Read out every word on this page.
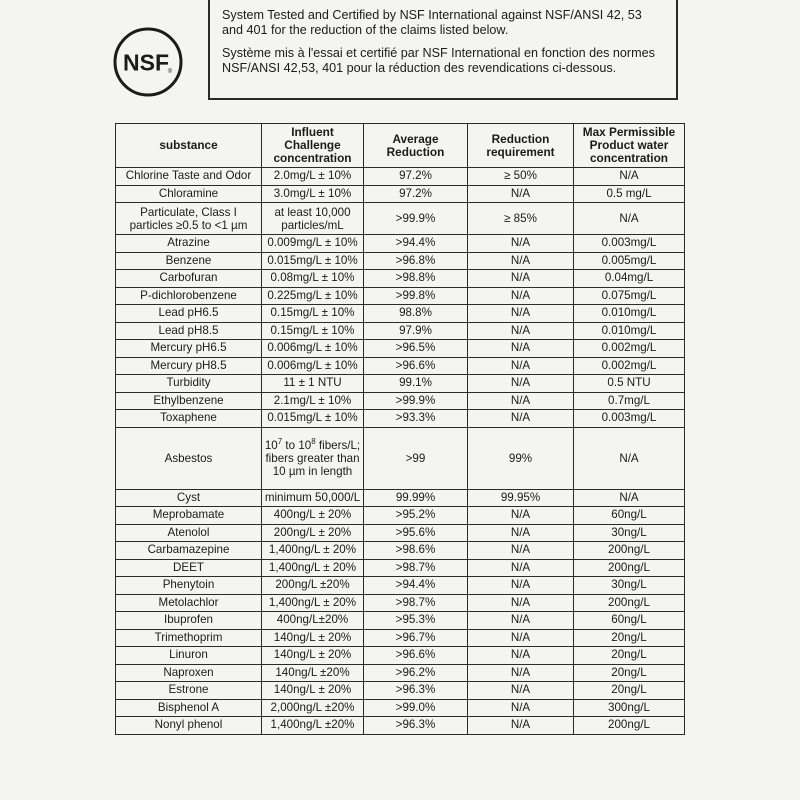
NSF
®

System Tested and Certified by NSF International against NSF/ANSI 42, 53 and 401 for the reduction of the claims listed below.

Système mis à l'essai et certifié par NSF International en fonction des normes NSF/ANSI 42,53, 401 pour la réduction des revendications ci-dessous.

substance	Influent Challenge concentration	Average Reduction	Reduction requirement	Max Permissible Product water concentration
Chlorine Taste and Odor	2.0mg/L ± 10%	97.2%	≥ 50%	N/A
Chloramine	3.0mg/L ± 10%	97.2%	N/A	0.5 mg/L
Particulate, Class I particles ≥0.5 to <1 µm	at least 10,000 particles/mL	>99.9%	≥ 85%	N/A
Atrazine	0.009mg/L ± 10%	>94.4%	N/A	0.003mg/L
Benzene	0.015mg/L ± 10%	>96.8%	N/A	0.005mg/L
Carbofuran	0.08mg/L ± 10%	>98.8%	N/A	0.04mg/L
P-dichlorobenzene	0.225mg/L ± 10%	>99.8%	N/A	0.075mg/L
Lead pH6.5	0.15mg/L ± 10%	98.8%	N/A	0.010mg/L
Lead pH8.5	0.15mg/L ± 10%	97.9%	N/A	0.010mg/L
Mercury pH6.5	0.006mg/L ± 10%	>96.5%	N/A	0.002mg/L
Mercury pH8.5	0.006mg/L ± 10%	>96.6%	N/A	0.002mg/L
Turbidity	11 ± 1 NTU	99.1%	N/A	0.5 NTU
Ethylbenzene	2.1mg/L ± 10%	>99.9%	N/A	0.7mg/L
Toxaphene	0.015mg/L ± 10%	>93.3%	N/A	0.003mg/L
Asbestos	$10^7$ to $10^8$ fibers/L; fibers greater than 10 µm in length	>99	99%	N/A
Cyst	minimum 50,000/L	99.99%	99.95%	N/A
Meprobamate	400ng/L ± 20%	>95.2%	N/A	60ng/L
Atenolol	200ng/L ± 20%	>95.6%	N/A	30ng/L
Carbamazepine	1,400ng/L ± 20%	>98.6%	N/A	200ng/L
DEET	1,400ng/L ± 20%	>98.7%	N/A	200ng/L
Phenytoin	200ng/L ±20%	>94.4%	N/A	30ng/L
Metolachlor	1,400ng/L ± 20%	>98.7%	N/A	200ng/L
Ibuprofen	400ng/L±20%	>95.3%	N/A	60ng/L
Trimethoprim	140ng/L ± 20%	>96.7%	N/A	20ng/L
Linuron	140ng/L ± 20%	>96.6%	N/A	20ng/L
Naproxen	140ng/L ±20%	>96.2%	N/A	20ng/L
Estrone	140ng/L ± 20%	>96.3%	N/A	20ng/L
Bisphenol A	2,000ng/L ±20%	>99.0%	N/A	300ng/L
Nonyl phenol	1,400ng/L ±20%	>96.3%	N/A	200ng/L
